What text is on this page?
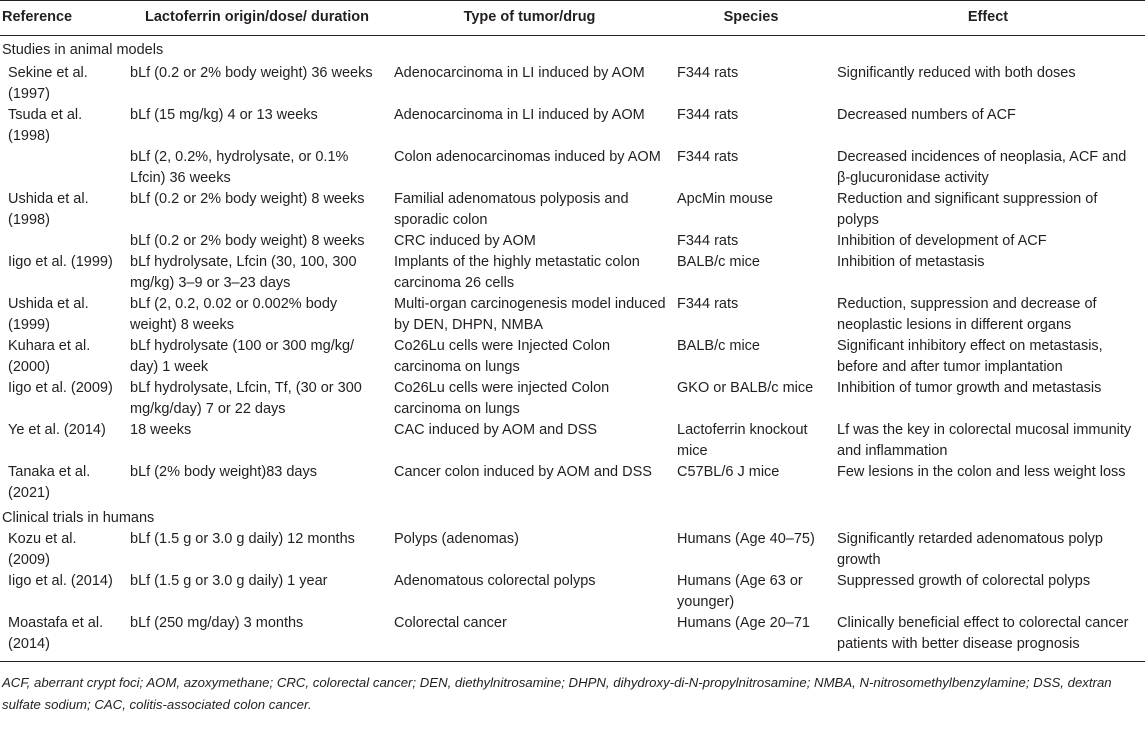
Reference	Lactoferrin origin/dose/ duration	Type of tumor/drug	Species	Effect
Studies in animal models				
Sekine et al. (1997)	bLf (0.2 or 2% body weight) 36 weeks	Adenocarcinoma in LI induced by AOM	F344 rats	Significantly reduced with both doses
Tsuda et al. (1998)	bLf (15 mg/kg) 4 or 13 weeks	Adenocarcinoma in LI induced by AOM	F344 rats	Decreased numbers of ACF
	bLf (2, 0.2%, hydrolysate, or 0.1% Lfcin) 36 weeks	Colon adenocarcinomas induced by AOM	F344 rats	Decreased incidences of neoplasia, ACF and β-glucuronidase activity
Ushida et al. (1998)	bLf (0.2 or 2% body weight) 8 weeks	Familial adenomatous polyposis and sporadic colon	ApcMin mouse	Reduction and significant suppression of polyps
	bLf (0.2 or 2% body weight) 8 weeks	CRC induced by AOM	F344 rats	Inhibition of development of ACF
Iigo et al. (1999)	bLf hydrolysate, Lfcin (30, 100, 300 mg/kg) 3–9 or 3–23 days	Implants of the highly metastatic colon carcinoma 26 cells	BALB/c mice	Inhibition of metastasis
Ushida et al. (1999)	bLf (2, 0.2, 0.02 or 0.002% body weight) 8 weeks	Multi-organ carcinogenesis model induced by DEN, DHPN, NMBA	F344 rats	Reduction, suppression and decrease of neoplastic lesions in different organs
Kuhara et al. (2000)	bLf hydrolysate (100 or 300 mg/kg/ day) 1 week	Co26Lu cells were Injected Colon carcinoma on lungs	BALB/c mice	Significant inhibitory effect on metastasis, before and after tumor implantation
Iigo et al. (2009)	bLf hydrolysate, Lfcin, Tf, (30 or 300 mg/kg/day) 7 or 22 days	Co26Lu cells were injected Colon carcinoma on lungs	GKO or BALB/c mice	Inhibition of tumor growth and metastasis
Ye et al. (2014)	18 weeks	CAC induced by AOM and DSS	Lactoferrin knockout mice	Lf was the key in colorectal mucosal immunity and inflammation
Tanaka et al. (2021)	bLf (2% body weight)83 days	Cancer colon induced by AOM and DSS	C57BL/6 J mice	Few lesions in the colon and less weight loss
Clinical trials in humans				
Kozu et al. (2009)	bLf (1.5 g or 3.0 g daily) 12 months	Polyps (adenomas)	Humans (Age 40–75)	Significantly retarded adenomatous polyp growth
Iigo et al. (2014)	bLf (1.5 g or 3.0 g daily) 1 year	Adenomatous colorectal polyps	Humans (Age 63 or younger)	Suppressed growth of colorectal polyps
Moastafa et al. (2014)	bLf (250 mg/day) 3 months	Colorectal cancer	Humans (Age 20–71	Clinically beneficial effect to colorectal cancer patients with better disease prognosis
ACF, aberrant crypt foci; AOM, azoxymethane; CRC, colorectal cancer; DEN, diethylnitrosamine; DHPN, dihydroxy-di-N-propylnitrosamine; NMBA, N-nitrosomethylbenzylamine; DSS, dextran sulfate sodium; CAC, colitis-associated colon cancer.
